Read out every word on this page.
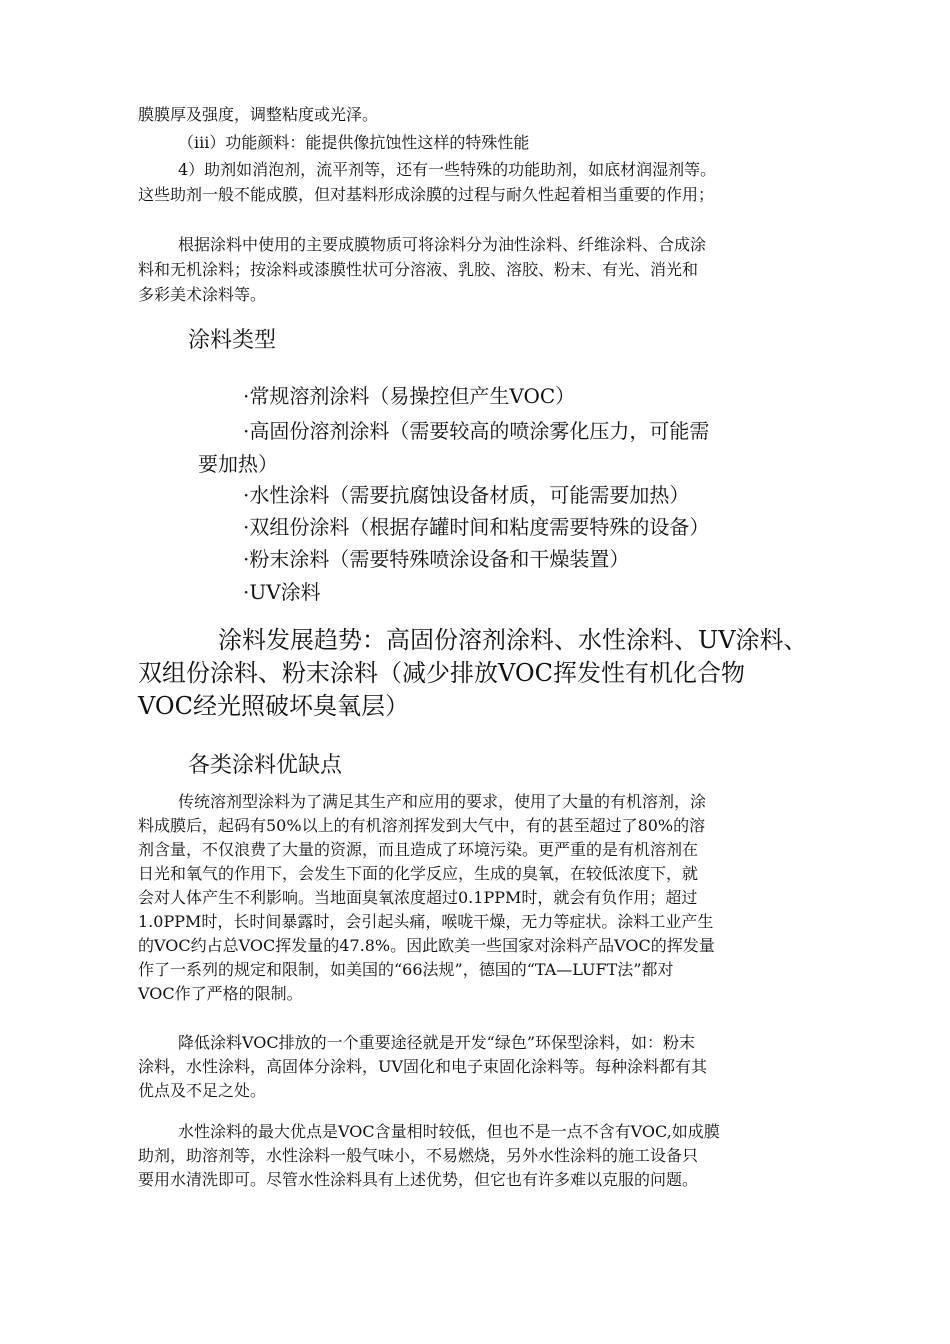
膜膜厚及强度，调整粘度或光泽。
（iii）功能颜料：能提供像抗蚀性这样的特殊性能
4）助剂如消泡剂，流平剂等，还有一些特殊的功能助剂，如底材润湿剂等。
这些助剂一般不能成膜，但对基料形成涂膜的过程与耐久性起着相当重要的作用；
根据涂料中使用的主要成膜物质可将涂料分为油性涂料、纤维涂料、合成涂
料和无机涂料；按涂料或漆膜性状可分溶液、乳胶、溶胶、粉末、有光、消光和
多彩美术涂料等。
涂料类型
·常规溶剂涂料（易操控但产生VOC）
·高固份溶剂涂料（需要较高的喷涂雾化压力，可能需
要加热）
·水性涂料（需要抗腐蚀设备材质，可能需要加热）
·双组份涂料（根据存罐时间和粘度需要特殊的设备）
·粉末涂料（需要特殊喷涂设备和干燥装置）
·UV涂料
涂料发展趋势：高固份溶剂涂料、水性涂料、UV涂料、
双组份涂料、粉末涂料（减少排放VOC挥发性有机化合物
VOC经光照破坏臭氧层）
各类涂料优缺点
传统溶剂型涂料为了满足其生产和应用的要求，使用了大量的有机溶剂，涂
料成膜后，起码有50%以上的有机溶剂挥发到大气中，有的甚至超过了80%的溶
剂含量，不仅浪费了大量的资源，而且造成了环境污染。更严重的是有机溶剂在
日光和氧气的作用下，会发生下面的化学反应，生成的臭氧，在较低浓度下，就
会对人体产生不利影响。当地面臭氧浓度超过0.1PPM时，就会有负作用；超过
1.0PPM时，长时间暴露时，会引起头痛，喉咙干燥，无力等症状。涂料工业产生
的VOC约占总VOC挥发量的47.8%。因此欧美一些国家对涂料产品VOC的挥发量
作了一系列的规定和限制，如美国的“66法规”，德国的“TA—LUFT法”都对
VOC作了严格的限制。
降低涂料VOC排放的一个重要途径就是开发“绿色”环保型涂料，如：粉末
涂料，水性涂料，高固体分涂料，UV固化和电子束固化涂料等。每种涂料都有其
优点及不足之处。
水性涂料的最大优点是VOC含量相时较低，但也不是一点不含有VOC,如成膜
助剂，助溶剂等，水性涂料一般气味小，不易燃烧，另外水性涂料的施工设备只
要用水清洗即可。尽管水性涂料具有上述优势，但它也有许多难以克服的问题。
